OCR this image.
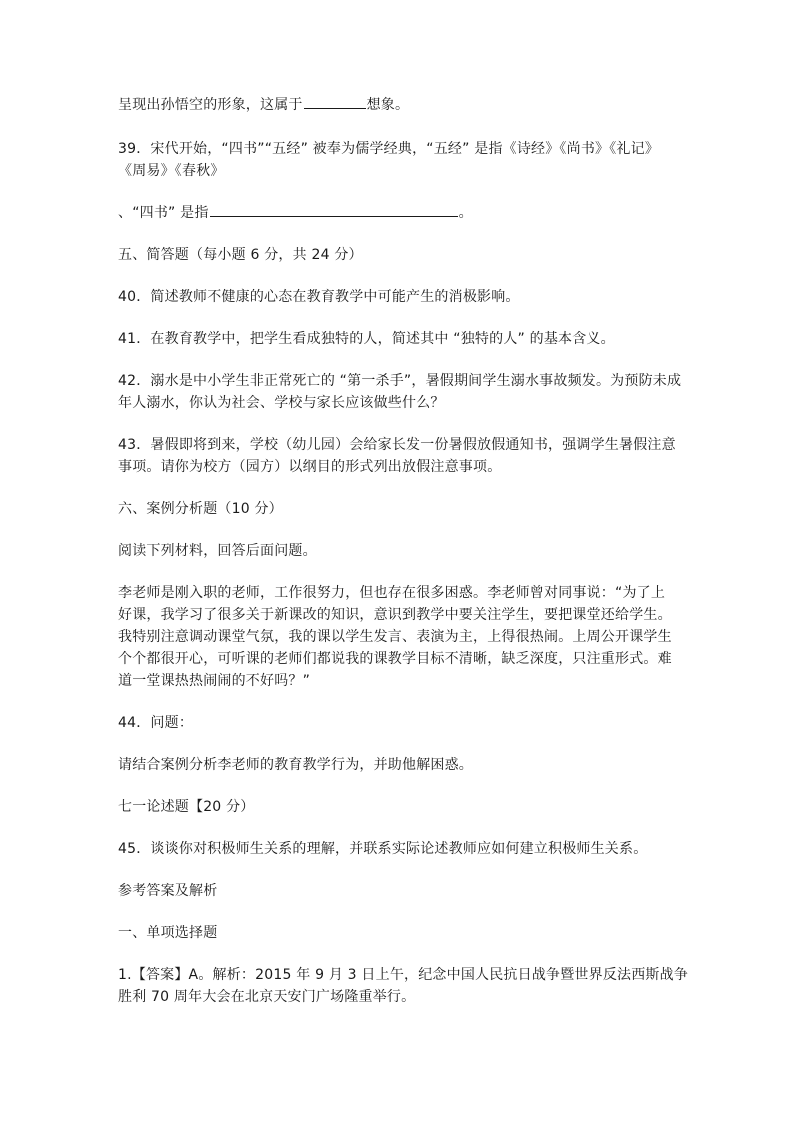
呈现出孙悟空的形象，这属于	想象。
39．宋代开始，“四书”“五经” 被奉为儒学经典，“五经” 是指《诗经》《尚书》《礼记》
《周易》《春秋》
、“四书” 是指	。
五、简答题（每小题 6 分，共 24 分）
40．简述教师不健康的心态在教育教学中可能产生的消极影响。
41．在教育教学中，把学生看成独特的人，简述其中 “独特的人” 的基本含义。
42．溺水是中小学生非正常死亡的 “第一杀手”，暑假期间学生溺水事故频发。为预防未成
年人溺水，你认为社会、学校与家长应该做些什么？
43．暑假即将到来，学校（幼儿园）会给家长发一份暑假放假通知书，强调学生暑假注意
事项。请你为校方（园方）以纲目的形式列出放假注意事项。
六、案例分析题（10 分）
阅读下列材料，回答后面问题。
李老师是刚入职的老师，工作很努力，但也存在很多困惑。李老师曾对同事说：“为了上
好课，我学习了很多关于新课改的知识，意识到教学中要关注学生，要把课堂还给学生。
我特别注意调动课堂气氛，我的课以学生发言、表演为主，上得很热闹。上周公开课学生
个个都很开心，可听课的老师们都说我的课教学目标不清晰，缺乏深度，只注重形式。难
道一堂课热热闹闹的不好吗？”
44．问题：
请结合案例分析李老师的教育教学行为，并助他解困惑。
七一论述题【20 分）
45．谈谈你对积极师生关系的理解，并联系实际论述教师应如何建立积极师生关系。
参考答案及解析
一、单项选择题
1.【答案】A。解析：2015 年 9 月 3 日上午，纪念中国人民抗日战争暨世界反法西斯战争
胜利 70 周年大会在北京天安门广场隆重举行。
